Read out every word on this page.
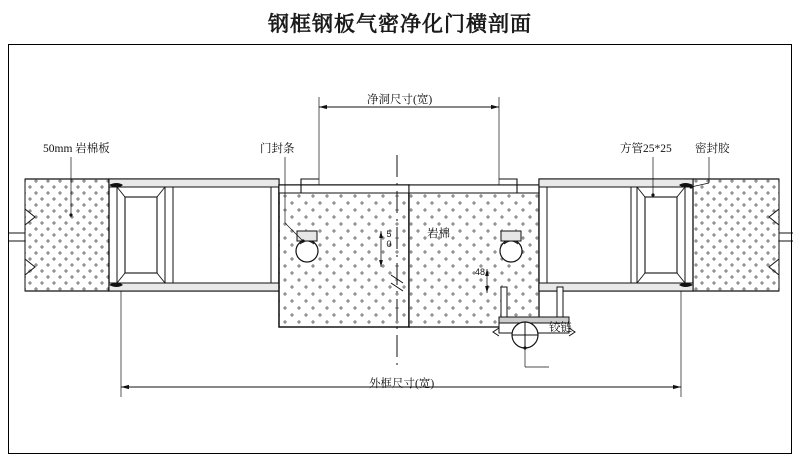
钢框钢板气密净化门横剖面
50mm 岩棉板	门封条
净洞尺寸(宽)
方管25*25 密封胶
岩棉
铰链
外框尺寸(宽)
50
48
